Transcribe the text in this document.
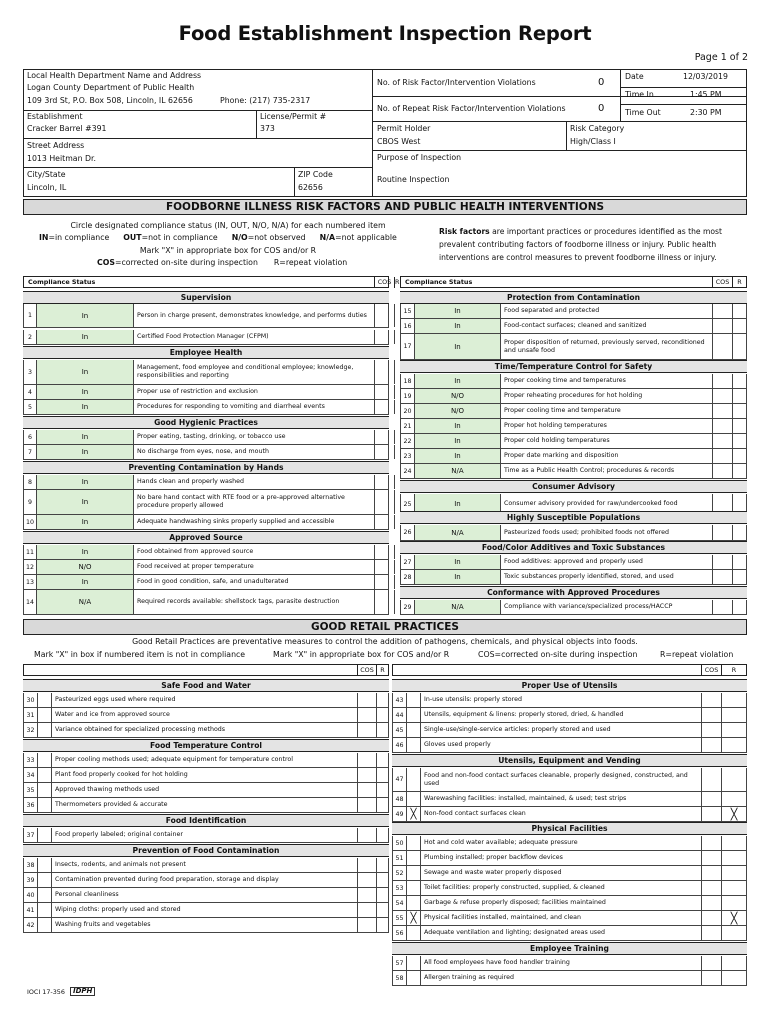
Food Establishment Inspection Report
Page 1 of 2
Local Health Department Name and Address
Logan County Department of Public Health
109 3rd St, P.O. Box 508, Lincoln, IL 62656	Phone: (217) 735-2317
Establishment
Cracker Barrel #391
License/Permit #
373
Street Address
1013 Heitman Dr.
City/State
Lincoln, IL
ZIP Code
62656
No. of Risk Factor/Intervention Violations	0
No. of Repeat Risk Factor/Intervention Violations	0
Date	12/03/2019
Time In	1:45 PM
Time Out	2:30 PM
Permit Holder
CBOS West
Risk Category
High/Class I
Purpose of Inspection
Routine Inspection
FOODBORNE ILLNESS RISK FACTORS AND PUBLIC HEALTH INTERVENTIONS
Circle designated compliance status (IN, OUT, N/O, N/A) for each numbered item
IN=in compliance OUT=not in compliance N/O=not observed N/A=not applicable
Mark "X" in appropriate box for COS and/or R
COS=corrected on-site during inspection R=repeat violation
Risk factors are important practices or procedures identified as the most
prevalent contributing factors of foodborne illness or injury. Public health
interventions are control measures to prevent foodborne illness or injury.
Compliance Status	COS R Compliance Status	COS	R
Supervision
1	In	Person in charge present, demonstrates knowledge, and performs duties
2	In	Certified Food Protection Manager (CFPM)
Employee Health
3	In
Management, food employee and conditional employee; knowledge, responsibilities and reporting
4	In	Proper use of restriction and exclusion
5	In	Procedures for responding to vomiting and diarrheal events
Good Hygienic Practices
6	In	Proper eating, tasting, drinking, or tobacco use
7	In	No discharge from eyes, nose, and mouth
Preventing Contamination by Hands
8	In	Hands clean and properly washed
9	In
No bare hand contact with RTE food or a pre-approved alternative procedure properly allowed
10	In	Adequate handwashing sinks properly supplied and accessible
Approved Source
11	In	Food obtained from approved source
12	N/O	Food received at proper temperature
13	In	Food in good condition, safe, and unadulterated
14	N/A	Required records available: shellstock tags, parasite destruction
Protection from Contamination
15	In	Food separated and protected
16	In	Food-contact surfaces; cleaned and sanitized
17	In
Proper disposition of returned, previously served, reconditioned and unsafe food
Time/Temperature Control for Safety
18	In	Proper cooking time and temperatures
19	N/O	Proper reheating procedures for hot holding
20	N/O	Proper cooling time and temperature
21	In	Proper hot holding temperatures
22	In	Proper cold holding temperatures
23	In	Proper date marking and disposition
24	N/A	Time as a Public Health Control; procedures & records
Consumer Advisory
25	In	Consumer advisory provided for raw/undercooked food
Highly Susceptible Populations
26	N/A	Pasteurized foods used; prohibited foods not offered
Food/Color Additives and Toxic Substances
27	In	Food additives: approved and properly used
28	In	Toxic substances properly identified, stored, and used
Conformance with Approved Procedures
29	N/A	Compliance with variance/specialized process/HACCP
GOOD RETAIL PRACTICES
Good Retail Practices are preventative measures to control the addition of pathogens, chemicals, and physical objects into foods.
Mark "X" in box if numbered item is not in compliance	Mark "X" in appropriate box for COS and/or R	COS=corrected on-site during inspection	R=repeat violation
COS	R	COS	R
Safe Food and Water
30	Pasteurized eggs used where required
31	Water and ice from approved source
32	Variance obtained for specialized processing methods
Food Temperature Control
33	Proper cooling methods used; adequate equipment for temperature control
34	Plant food properly cooked for hot holding
35	Approved thawing methods used
36	Thermometers provided & accurate
Food Identification
37	Food properly labeled; original container
Prevention of Food Contamination
38	Insects, rodents, and animals not present
39	Contamination prevented during food preparation, storage and display
40	Personal cleanliness
41	Wiping cloths: properly used and stored
42	Washing fruits and vegetables
Proper Use of Utensils
43	In-use utensils: properly stored
44	Utensils, equipment & linens: properly stored, dried, & handled
45	Single-use/single-service articles: properly stored and used
46	Gloves used properly
Utensils, Equipment and Vending
47
Food and non-food contact surfaces cleanable, properly designed, constructed, and used
48	Warewashing facilities: installed, maintained, & used; test strips
49 ╳	Non-food contact surfaces clean	╳
Physical Facilities
50	Hot and cold water available; adequate pressure
51	Plumbing installed; proper backflow devices
52	Sewage and waste water properly disposed
53	Toilet facilities: properly constructed, supplied, & cleaned
54	Garbage & refuse properly disposed; facilities maintained
55 ╳	Physical facilities installed, maintained, and clean	╳
56	Adequate ventilation and lighting; designated areas used
Employee Training
57	All food employees have food handler training
58	Allergen training as required
IOCI 17-356	IDPH
